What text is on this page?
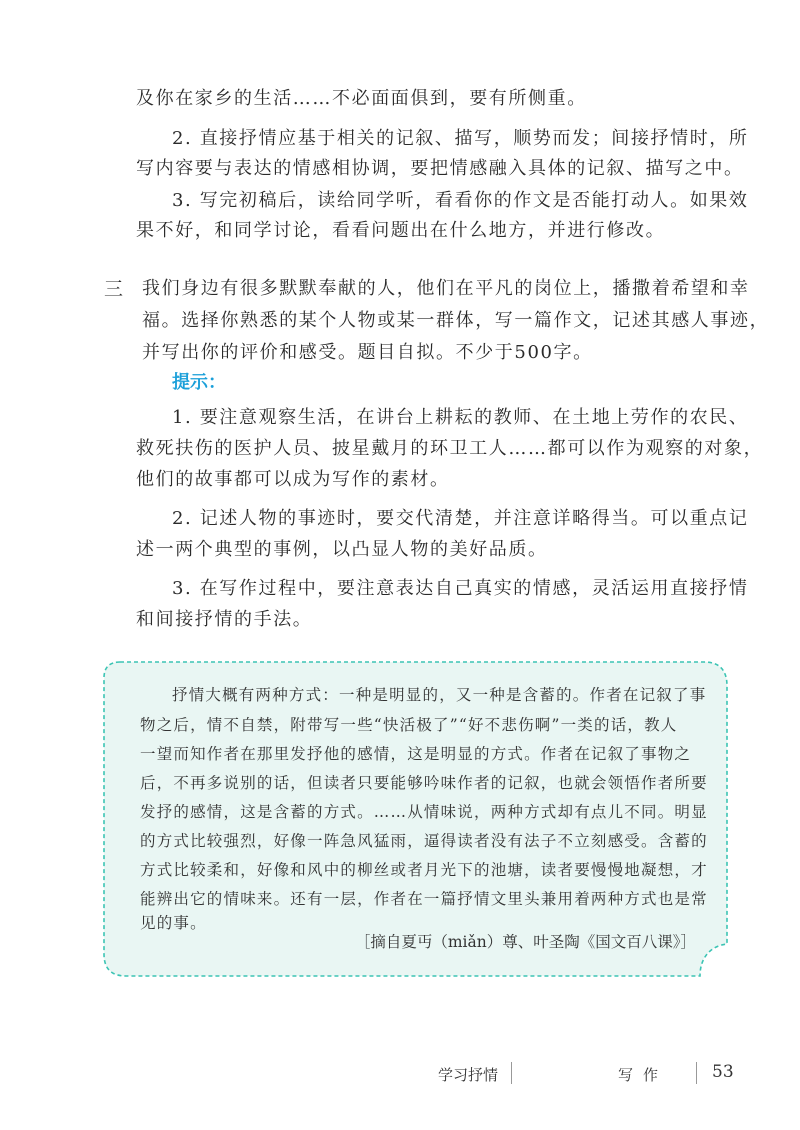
及你在家乡的生活……不必面面俱到，要有所侧重。
2. 直接抒情应基于相关的记叙、描写，顺势而发；间接抒情时，所
写内容要与表达的情感相协调，要把情感融入具体的记叙、描写之中。
3. 写完初稿后，读给同学听，看看你的作文是否能打动人。如果效
果不好，和同学讨论，看看问题出在什么地方，并进行修改。
三 我们身边有很多默默奉献的人，他们在平凡的岗位上，播撒着希望和幸
福。选择你熟悉的某个人物或某一群体，写一篇作文，记述其感人事迹，
并写出你的评价和感受。题目自拟。不少于500字。
提示：
1. 要注意观察生活，在讲台上耕耘的教师、在土地上劳作的农民、
救死扶伤的医护人员、披星戴月的环卫工人……都可以作为观察的对象，
他们的故事都可以成为写作的素材。
2. 记述人物的事迹时，要交代清楚，并注意详略得当。可以重点记
述一两个典型的事例，以凸显人物的美好品质。
3. 在写作过程中，要注意表达自己真实的情感，灵活运用直接抒情
和间接抒情的手法。
抒情大概有两种方式：一种是明显的，又一种是含蓄的。作者在记叙了事
物之后，情不自禁，附带写一些“快活极了”“好不悲伤啊”一类的话，教人
一望而知作者在那里发抒他的感情，这是明显的方式。作者在记叙了事物之
后，不再多说别的话，但读者只要能够吟味作者的记叙，也就会领悟作者所要
发抒的感情，这是含蓄的方式。……从情味说，两种方式却有点儿不同。明显
的方式比较强烈，好像一阵急风猛雨，逼得读者没有法子不立刻感受。含蓄的
方式比较柔和，好像和风中的柳丝或者月光下的池塘，读者要慢慢地凝想，才
能辨出它的情味来。还有一层，作者在一篇抒情文里头兼用着两种方式也是常
见的事。
［摘自夏丏（miǎn）尊、叶圣陶《国文百八课》］
学习抒情	写作	53
